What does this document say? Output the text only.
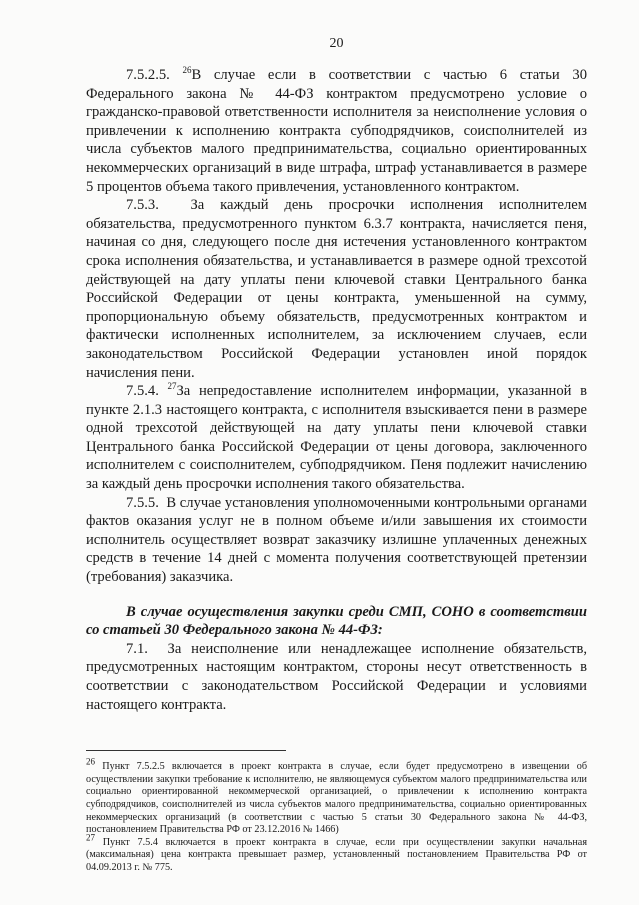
20

7.5.2.5. $^{26}$В случае если в соответствии с частью 6 статьи 30 Федерального закона № 44-ФЗ контрактом предусмотрено условие о гражданско-правовой ответственности исполнителя за неисполнение условия о привлечении к исполнению контракта субподрядчиков, соисполнителей из числа субъектов малого предпринимательства, социально ориентированных некоммерческих организаций в виде штрафа, штраф устанавливается в размере 5 процентов объема такого привлечения, установленного контрактом.

7.5.3. За каждый день просрочки исполнения исполнителем обязательства, предусмотренного пунктом 6.3.7 контракта, начисляется пеня, начиная со дня, следующего после дня истечения установленного контрактом срока исполнения обязательства, и устанавливается в размере одной трехсотой действующей на дату уплаты пени ключевой ставки Центрального банка Российской Федерации от цены контракта, уменьшенной на сумму, пропорциональную объему обязательств, предусмотренных контрактом и фактически исполненных исполнителем, за исключением случаев, если законодательством Российской Федерации установлен иной порядок начисления пени.

7.5.4. $^{27}$За непредоставление исполнителем информации, указанной в пункте 2.1.3 настоящего контракта, с исполнителя взыскивается пени в размере одной трехсотой действующей на дату уплаты пени ключевой ставки Центрального банка Российской Федерации от цены договора, заключенного исполнителем с соисполнителем, субподрядчиком. Пеня подлежит начислению за каждый день просрочки исполнения такого обязательства.

7.5.5. В случае установления уполномоченными контрольными органами фактов оказания услуг не в полном объеме и/или завышения их стоимости исполнитель осуществляет возврат заказчику излишне уплаченных денежных средств в течение 14 дней с момента получения соответствующей претензии (требования) заказчика.

В случае осуществления закупки среди СМП, СОНО в соответствии со статьей 30 Федерального закона № 44-ФЗ:

7.1. За неисполнение или ненадлежащее исполнение обязательств, предусмотренных настоящим контрактом, стороны несут ответственность в соответствии с законодательством Российской Федерации и условиями настоящего контракта.

$^{26}$ Пункт 7.5.2.5 включается в проект контракта в случае, если будет предусмотрено в извещении об осуществлении закупки требование к исполнителю, не являющемуся субъектом малого предпринимательства или социально ориентированной некоммерческой организацией, о привлечении к исполнению контракта субподрядчиков, соисполнителей из числа субъектов малого предпринимательства, социально ориентированных некоммерческих организаций (в соответствии с частью 5 статьи 30 Федерального закона № 44-ФЗ, постановлением Правительства РФ от 23.12.2016 № 1466)

$^{27}$ Пункт 7.5.4 включается в проект контракта в случае, если при осуществлении закупки начальная (максимальная) цена контракта превышает размер, установленный постановлением Правительства РФ от 04.09.2013 г. № 775.
